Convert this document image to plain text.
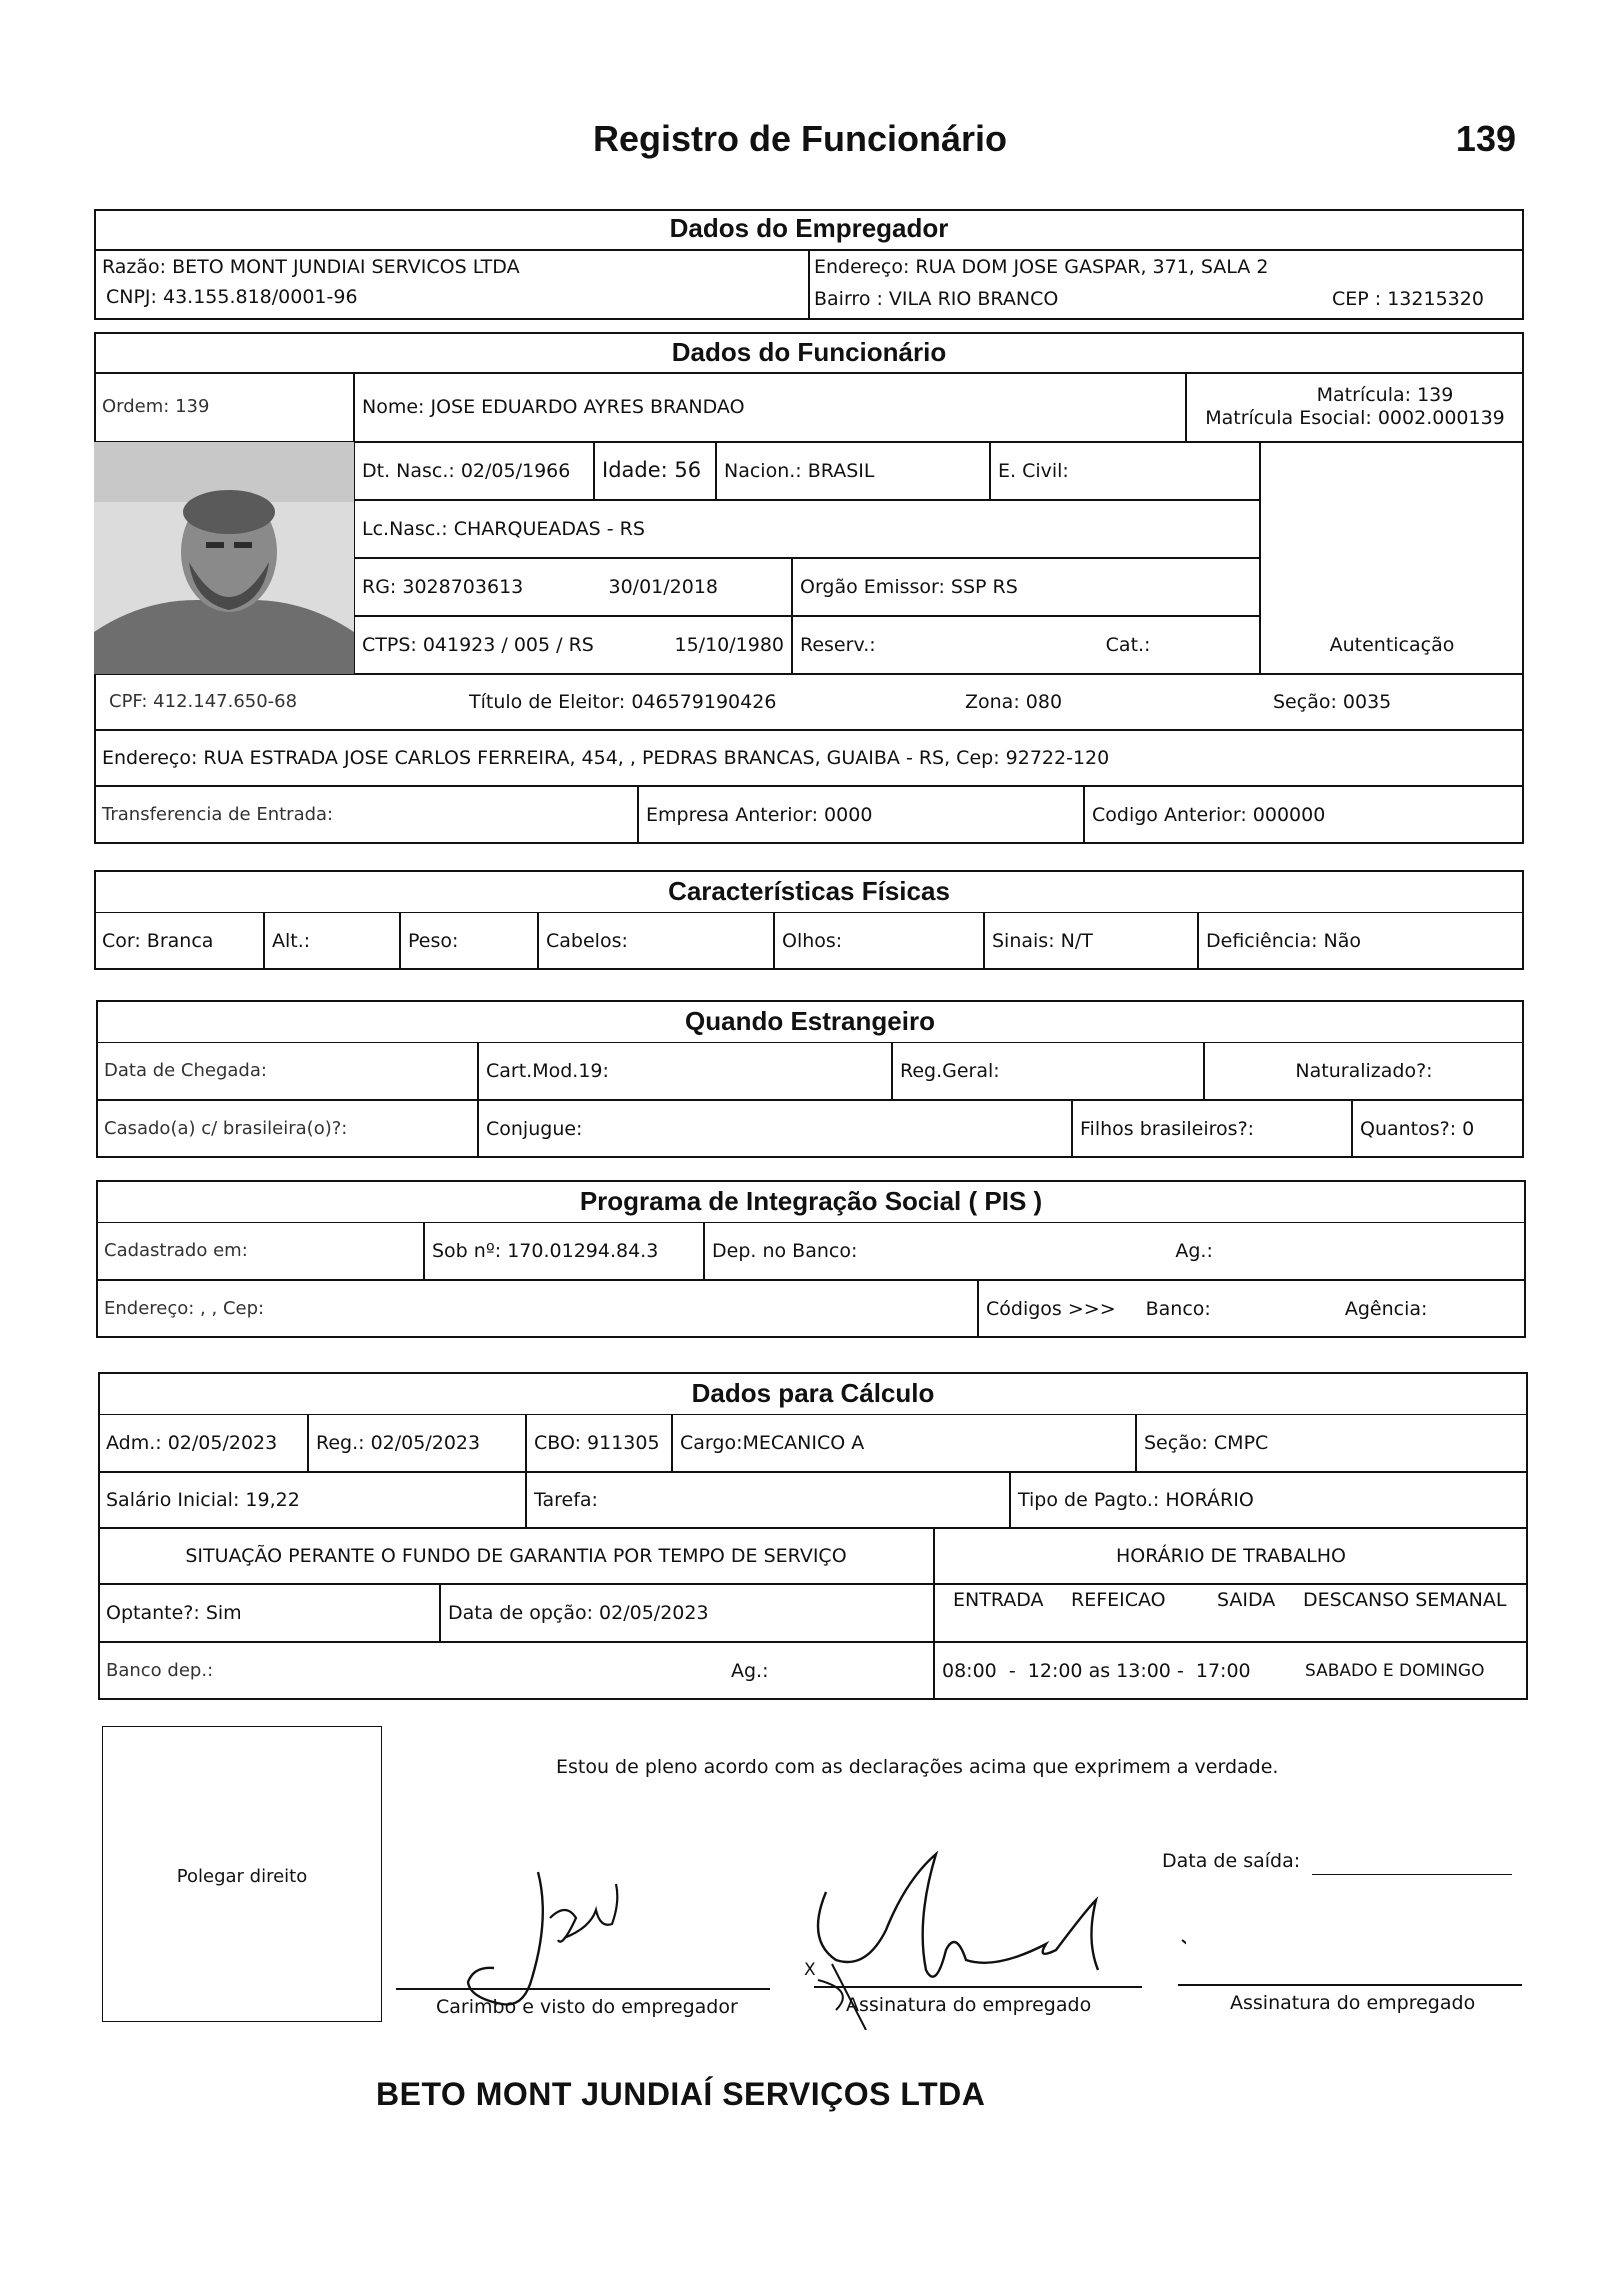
Registro de Funcionário	139
Dados do Empregador
Razão: BETO MONT JUNDIAI SERVICOS LTDA
CNPJ: 43.155.818/0001-96
Endereço: RUA DOM JOSE GASPAR, 371, SALA 2
Bairro : VILA RIO BRANCO	CEP : 13215320
Dados do Funcionário
Ordem: 139	Nome: JOSE EDUARDO AYRES BRANDAO
Matrícula: 139
Matrícula Esocial: 0002.000139
Dt. Nasc.: 02/05/1966 Idade: 56 Nacion.: BRASIL	E. Civil:
Lc.Nasc.: CHARQUEADAS - RS
RG: 3028703613	30/01/2018	Orgão Emissor: SSP RS
CTPS: 041923 / 005 / RS	15/10/1980 Reserv.:	Cat.:	Autenticação
CPF: 412.147.650-68	Título de Eleitor: 046579190426	Zona: 080	Seção: 0035
Endereço: RUA ESTRADA JOSE CARLOS FERREIRA, 454, , PEDRAS BRANCAS, GUAIBA - RS, Cep: 92722-120
Transferencia de Entrada:	Empresa Anterior: 0000	Codigo Anterior: 000000
Características Físicas
Cor: Branca	Alt.:	Peso:	Cabelos:	Olhos:	Sinais: N/T	Deficiência: Não
Quando Estrangeiro
Data de Chegada:	Cart.Mod.19:	Reg.Geral:	Naturalizado?:
Casado(a) c/ brasileira(o)?:	Conjugue:	Filhos brasileiros?:	Quantos?: 0
Programa de Integração Social ( PIS )
Cadastrado em:	Sob nº: 170.01294.84.3	Dep. no Banco:	Ag.:
Endereço: , , Cep:	Códigos >>> Banco:	Agência:
Dados para Cálculo
Adm.: 02/05/2023 Reg.: 02/05/2023	CBO: 911305 Cargo:MECANICO A	Seção: CMPC
Salário Inicial: 19,22	Tarefa:	Tipo de Pagto.: HORÁRIO
SITUAÇÃO PERANTE O FUNDO DE GARANTIA POR TEMPO DE SERVIÇO	HORÁRIO DE TRABALHO
Optante?: Sim	Data de opção: 02/05/2023
ENTRADA REFEICAO	SAIDA DESCANSO SEMANAL
Banco dep.:	Ag.:	08:00  -  12:00 as 13:00 -  17:00	SABADO E DOMINGO
Polegar direito
Estou de pleno acordo com as declarações acima que exprimem a verdade.
Data de saída:
Carimbo e visto do empregador
X
Assinatura do empregado	Assinatura do empregado
BETO MONT JUNDIAÍ SERVIÇOS LTDA
